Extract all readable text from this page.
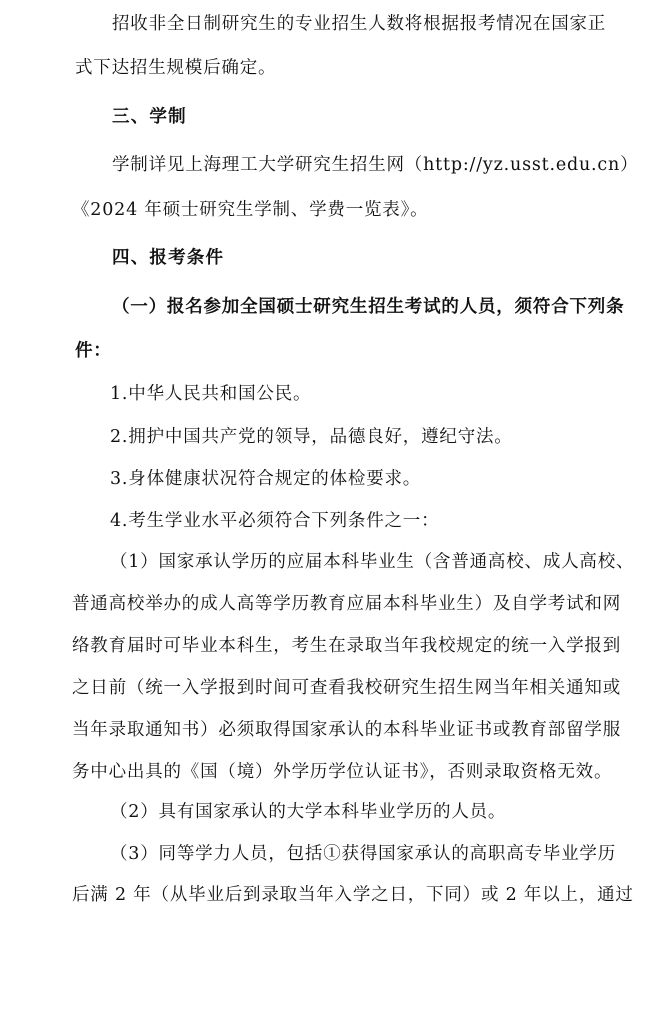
招收非全日制研究生的专业招生人数将根据报考情况在国家正
式下达招生规模后确定。
三、学制
学制详见上海理工大学研究生招生网（http://yz.usst.edu.cn）
《2024 年硕士研究生学制、学费一览表》。
四、报考条件
（一）报名参加全国硕士研究生招生考试的人员，须符合下列条
件：
1.中华人民共和国公民。
2.拥护中国共产党的领导，品德良好，遵纪守法。
3.身体健康状况符合规定的体检要求。
4.考生学业水平必须符合下列条件之一：
（1）国家承认学历的应届本科毕业生（含普通高校、成人高校、
普通高校举办的成人高等学历教育应届本科毕业生）及自学考试和网
络教育届时可毕业本科生，考生在录取当年我校规定的统一入学报到
之日前（统一入学报到时间可查看我校研究生招生网当年相关通知或
当年录取通知书）必须取得国家承认的本科毕业证书或教育部留学服
务中心出具的《国（境）外学历学位认证书》，否则录取资格无效。
（2）具有国家承认的大学本科毕业学历的人员。
（3）同等学力人员，包括①获得国家承认的高职高专毕业学历
后满 2 年（从毕业后到录取当年入学之日，下同）或 2 年以上，通过
